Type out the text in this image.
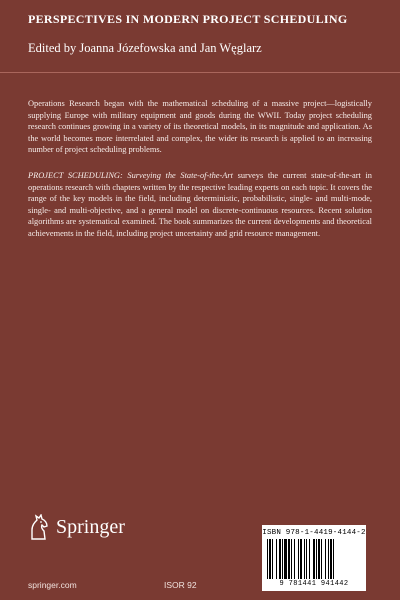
PERSPECTIVES IN MODERN PROJECT SCHEDULING
Edited by Joanna Józefowska and Jan Węglarz
Operations Research began with the mathematical scheduling of a massive project—logistically supplying Europe with military equipment and goods during the WWII. Today project scheduling research continues growing in a variety of its theoretical models, in its magnitude and application. As the world becomes more interrelated and complex, the wider its research is applied to an increasing number of project scheduling problems.
PROJECT SCHEDULING: Surveying the State-of-the-Art surveys the current state-of-the-art in operations research with chapters written by the respective leading experts on each topic. It covers the range of the key models in the field, including deterministic, probabilistic, single- and multi-mode, single- and multi-objective, and a general model on discrete-continuous resources. Recent solution algorithms are systematical examined. The book summarizes the current developments and theoretical achievements in the field, including project uncertainty and grid resource management.
Springer
springer.com	ISOR 92
ISBN 978-1-4419-4144-2
9 781441 941442
